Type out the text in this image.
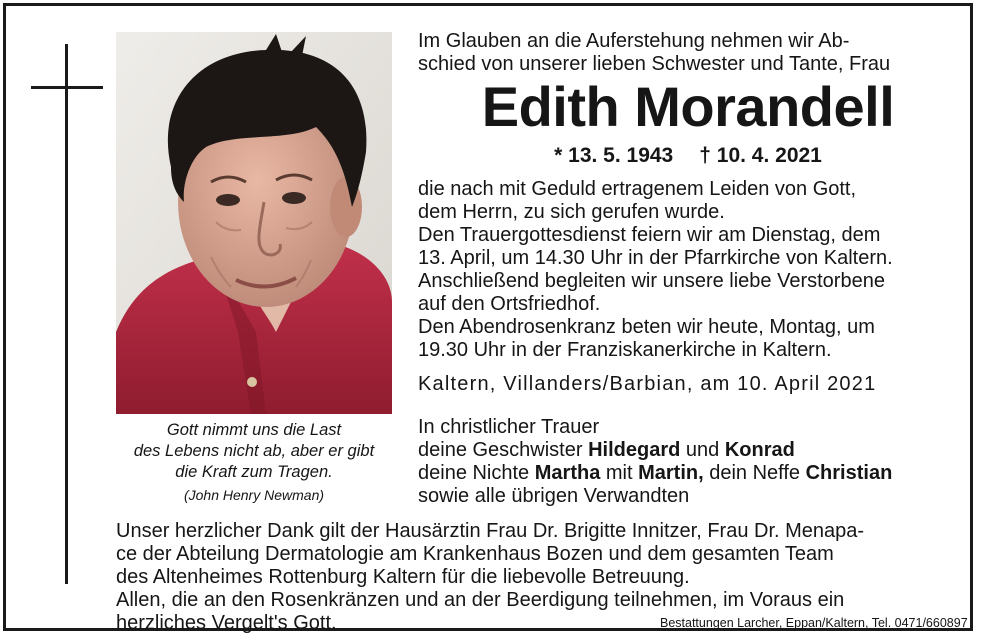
Gott nimmt uns die Last
des Lebens nicht ab, aber er gibt
die Kraft zum Tragen.
(John Henry Newman)
Im Glauben an die Auferstehung nehmen wir Ab-
schied von unserer lieben Schwester und Tante, Frau
Edith Morandell
* 13. 5. 1943 † 10. 4. 2021
die nach mit Geduld ertragenem Leiden von Gott,
dem Herrn, zu sich gerufen wurde.
Den Trauergottesdienst feiern wir am Dienstag, dem
13. April, um 14.30 Uhr in der Pfarrkirche von Kaltern.
Anschließend begleiten wir unsere liebe Verstorbene
auf den Ortsfriedhof.
Den Abendrosenkranz beten wir heute, Montag, um
19.30 Uhr in der Franziskanerkirche in Kaltern.
Kaltern, Villanders/Barbian, am 10. April 2021
In christlicher Trauer
deine Geschwister Hildegard und Konrad
deine Nichte Martha mit Martin, dein Neffe Christian
sowie alle übrigen Verwandten
Unser herzlicher Dank gilt der Hausärztin Frau Dr. Brigitte Innitzer, Frau Dr. Menapa-
ce der Abteilung Dermatologie am Krankenhaus Bozen und dem gesamten Team
des Altenheimes Rottenburg Kaltern für die liebevolle Betreuung.
Allen, die an den Rosenkränzen und an der Beerdigung teilnehmen, im Voraus ein
herzliches Vergelt's Gott.	Bestattungen Larcher, Eppan/Kaltern, Tel. 0471/660897
